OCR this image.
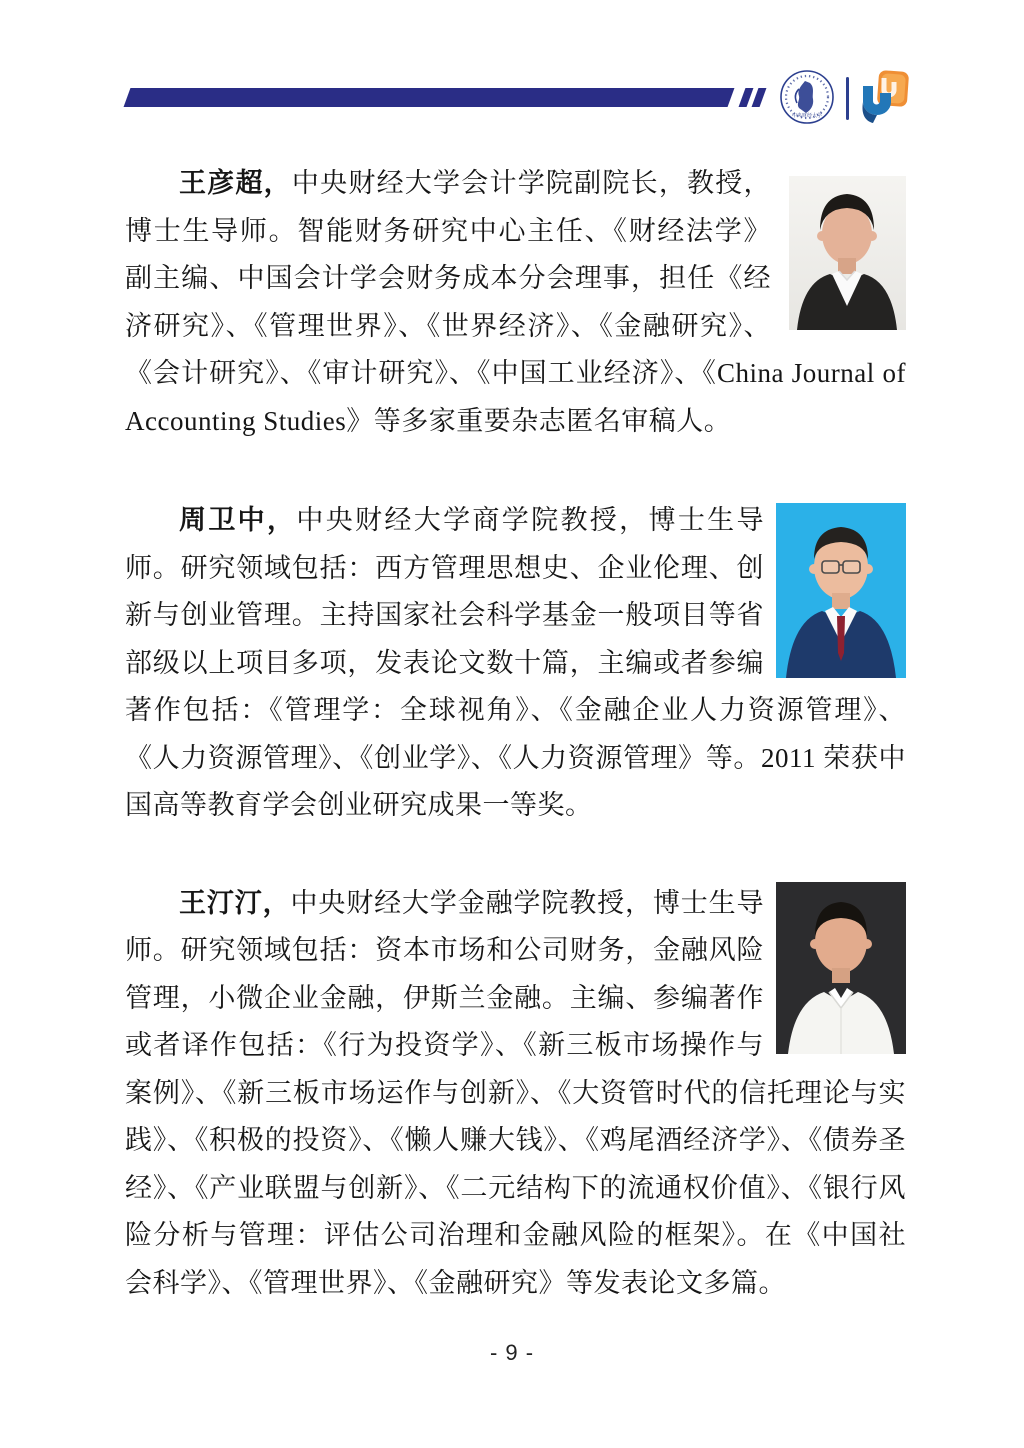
中央财经大学

王彦超，中央财经大学会计学院副院长，教授，博士生导师。智能财务研究中心主任、《财经法学》副主编、中国会计学会财务成本分会理事，担任《经济研究》、《管理世界》、《世界经济》、《金融研究》、《会计研究》、《审计研究》、《中国工业经济》、《China Journal of Accounting Studies》等多家重要杂志匿名审稿人。

周卫中，中央财经大学商学院教授，博士生导师。研究领域包括：西方管理思想史、企业伦理、创新与创业管理。主持国家社会科学基金一般项目等省部级以上项目多项，发表论文数十篇，主编或者参编著作包括：《管理学：全球视角》、《金融企业人力资源管理》、《人力资源管理》、《创业学》、《人力资源管理》等。2011 荣获中国高等教育学会创业研究成果一等奖。

王汀汀，中央财经大学金融学院教授，博士生导师。研究领域包括：资本市场和公司财务，金融风险管理，小微企业金融，伊斯兰金融。主编、参编著作或者译作包括：《行为投资学》、《新三板市场操作与案例》、《新三板市场运作与创新》、《大资管时代的信托理论与实践》、《积极的投资》、《懒人赚大钱》、《鸡尾酒经济学》、《债券圣经》、《产业联盟与创新》、《二元结构下的流通权价值》、《银行风险分析与管理：评估公司治理和金融风险的框架》。在《中国社会科学》、《管理世界》、《金融研究》等发表论文多篇。

- 9 -
